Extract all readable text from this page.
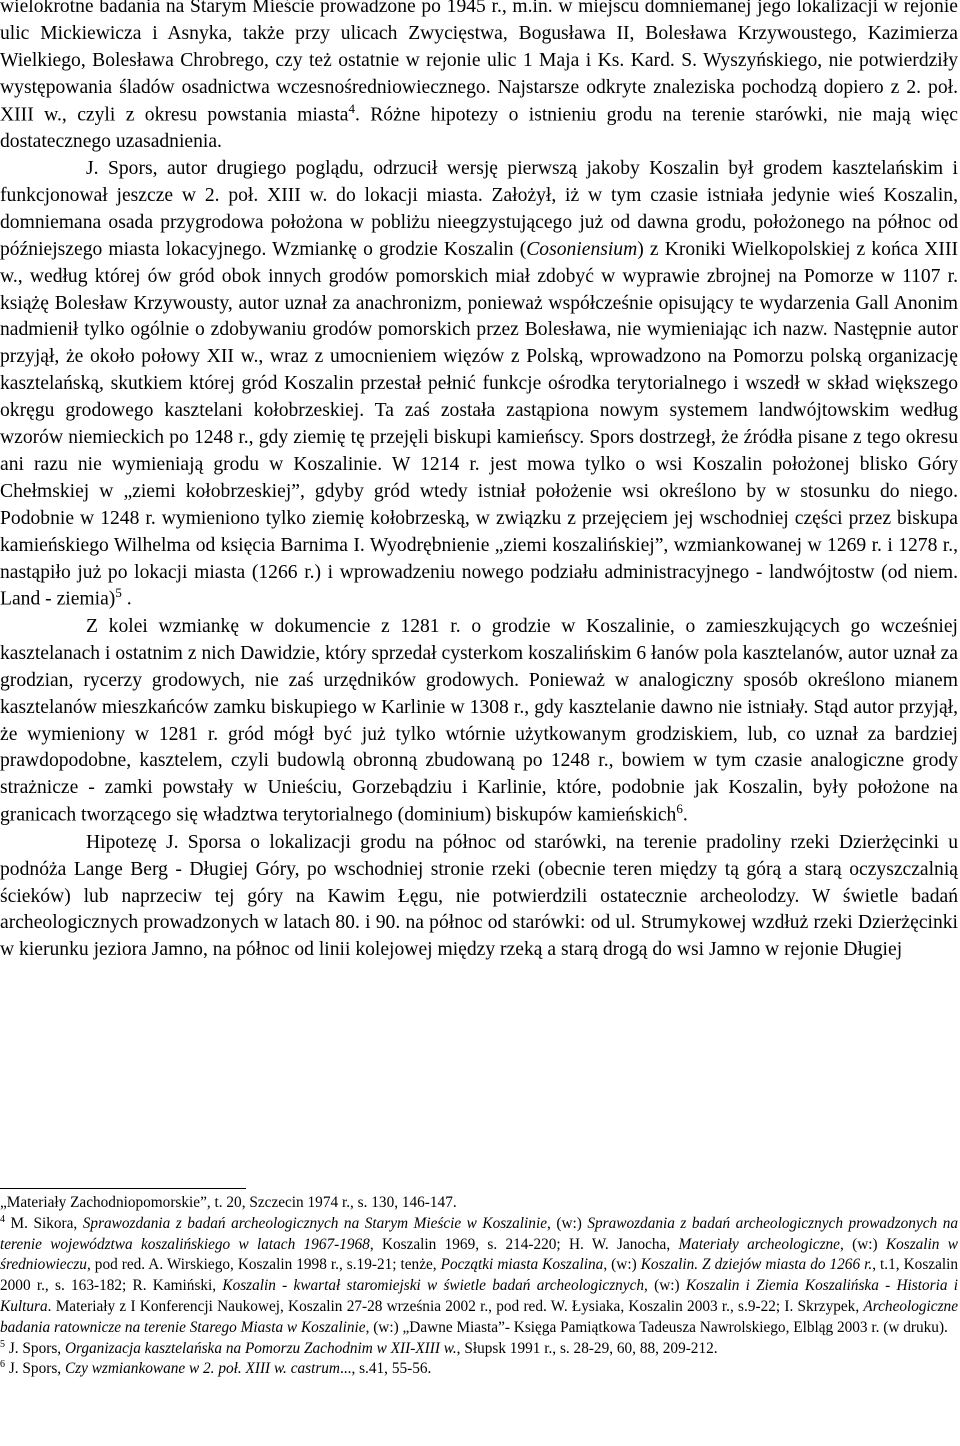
wielokrotne badania na Starym Mieście prowadzone po 1945 r., m.in. w miejscu domniemanej jego lokalizacji w rejonie ulic Mickiewicza i Asnyka, także przy ulicach Zwycięstwa, Bogusława II, Bolesława Krzywoustego, Kazimierza Wielkiego, Bolesława Chrobrego, czy też ostatnie w rejonie ulic 1 Maja i Ks. Kard. S. Wyszyńskiego, nie potwierdziły występowania śladów osadnictwa wczesnośredniowiecznego. Najstarsze odkryte znaleziska pochodzą dopiero z 2. poł. XIII w., czyli z okresu powstania miasta$^4$. Różne hipotezy o istnieniu grodu na terenie starówki, nie mają więc dostatecznego uzasadnienia.

J. Spors, autor drugiego poglądu, odrzucił wersję pierwszą jakoby Koszalin był grodem kasztelańskim i funkcjonował jeszcze w 2. poł. XIII w. do lokacji miasta. Założył, iż w tym czasie istniała jedynie wieś Koszalin, domniemana osada przygrodowa położona w pobliżu nieegzystującego już od dawna grodu, położonego na północ od późniejszego miasta lokacyjnego. Wzmiankę o grodzie Koszalin (Cosoniensium) z Kroniki Wielkopolskiej z końca XIII w., według której ów gród obok innych grodów pomorskich miał zdobyć w wyprawie zbrojnej na Pomorze w 1107 r. książę Bolesław Krzywousty, autor uznał za anachronizm, ponieważ współcześnie opisujący te wydarzenia Gall Anonim nadmienił tylko ogólnie o zdobywaniu grodów pomorskich przez Bolesława, nie wymieniając ich nazw. Następnie autor przyjął, że około połowy XII w., wraz z umocnieniem więzów z Polską, wprowadzono na Pomorzu polską organizację kasztelańską, skutkiem której gród Koszalin przestał pełnić funkcje ośrodka terytorialnego i wszedł w skład większego okręgu grodowego kasztelani kołobrzeskiej. Ta zaś została zastąpiona nowym systemem landwójtowskim według wzorów niemieckich po 1248 r., gdy ziemię tę przejęli biskupi kamieńscy. Spors dostrzegł, że źródła pisane z tego okresu ani razu nie wymieniają grodu w Koszalinie. W 1214 r. jest mowa tylko o wsi Koszalin położonej blisko Góry Chełmskiej w „ziemi kołobrzeskiej”, gdyby gród wtedy istniał położenie wsi określono by w stosunku do niego. Podobnie w 1248 r. wymieniono tylko ziemię kołobrzeską, w związku z przejęciem jej wschodniej części przez biskupa kamieńskiego Wilhelma od księcia Barnima I. Wyodrębnienie „ziemi koszalińskiej”, wzmiankowanej w 1269 r. i 1278 r., nastąpiło już po lokacji miasta (1266 r.) i wprowadzeniu nowego podziału administracyjnego - landwójtostw (od niem. Land - ziemia)$^5$ .

Z kolei wzmiankę w dokumencie z 1281 r. o grodzie w Koszalinie, o zamieszkujących go wcześniej kasztelanach i ostatnim z nich Dawidzie, który sprzedał cysterkom koszalińskim 6 łanów pola kasztelanów, autor uznał za grodzian, rycerzy grodowych, nie zaś urzędników grodowych. Ponieważ w analogiczny sposób określono mianem kasztelanów mieszkańców zamku biskupiego w Karlinie w 1308 r., gdy kasztelanie dawno nie istniały. Stąd autor przyjął, że wymieniony w 1281 r. gród mógł być już tylko wtórnie użytkowanym grodziskiem, lub, co uznał za bardziej prawdopodobne, kasztelem, czyli budowlą obronną zbudowaną po 1248 r., bowiem w tym czasie analogiczne grody strażnicze - zamki powstały w Unieściu, Gorzebądziu i Karlinie, które, podobnie jak Koszalin, były położone na granicach tworzącego się władztwa terytorialnego (dominium) biskupów kamieńskich$^6$.

Hipotezę J. Sporsa o lokalizacji grodu na północ od starówki, na terenie pradoliny rzeki Dzierżęcinki u podnóża Lange Berg - Długiej Góry, po wschodniej stronie rzeki (obecnie teren między tą górą a starą oczyszczalnią ścieków) lub naprzeciw tej góry na Kawim Łęgu, nie potwierdzili ostatecznie archeolodzy. W świetle badań archeologicznych prowadzonych w latach 80. i 90. na północ od starówki: od ul. Strumykowej wzdłuż rzeki Dzierżęcinki w kierunku jeziora Jamno, na północ od linii kolejowej między rzeką a starą drogą do wsi Jamno w rejonie Długiej

„Materiały Zachodniopomorskie”, t. 20, Szczecin 1974 r., s. 130, 146-147.

$^4$ M. Sikora, Sprawozdania z badań archeologicznych na Starym Mieście w Koszalinie, (w:) Sprawozdania z badań archeologicznych prowadzonych na terenie województwa koszalińskiego w latach 1967-1968, Koszalin 1969, s. 214-220; H. W. Janocha, Materiały archeologiczne, (w:) Koszalin w średniowieczu, pod red. A. Wirskiego, Koszalin 1998 r., s.19-21; tenże, Początki miasta Koszalina, (w:) Koszalin. Z dziejów miasta do 1266 r., t.1, Koszalin 2000 r., s. 163-182; R. Kamiński, Koszalin - kwartał staromiejski w świetle badań archeologicznych, (w:) Koszalin i Ziemia Koszalińska - Historia i Kultura. Materiały z I Konferencji Naukowej, Koszalin 27-28 września 2002 r., pod red. W. Łysiaka, Koszalin 2003 r., s.9-22; I. Skrzypek, Archeologiczne badania ratownicze na terenie Starego Miasta w Koszalinie, (w:) „Dawne Miasta”- Księga Pamiątkowa Tadeusza Nawrolskiego, Elbląg 2003 r. (w druku).

$^5$ J. Spors, Organizacja kasztelańska na Pomorzu Zachodnim w XII-XIII w., Słupsk 1991 r., s. 28-29, 60, 88, 209-212.

$^6$ J. Spors, Czy wzmiankowane w 2. poł. XIII w. castrum..., s.41, 55-56.
